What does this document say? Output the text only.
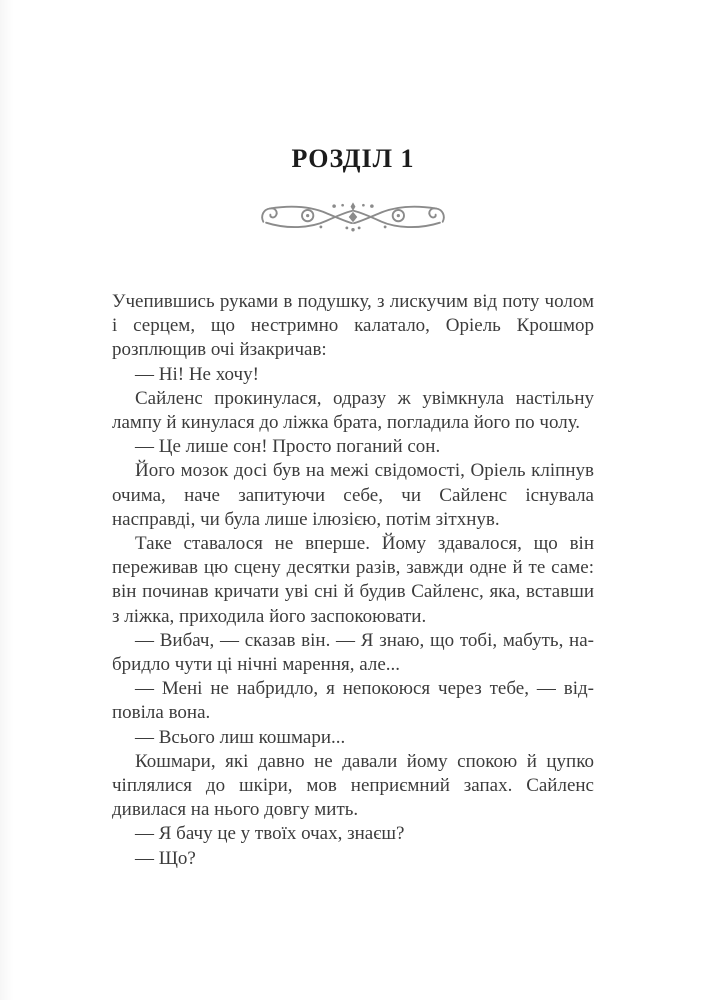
РОЗДІЛ 1

Учепившись руками в подушку, з лискучим від поту чолом і серцем, що нестримно калатало, Оріель Крошмор розплющив очі йзакричав:

— Ні! Не хочу!

Сайленс прокинулася, одразу ж увімкнула настільну лампу й кинулася до ліжка брата, погладила його по чолу.

— Це лише сон! Просто поганий сон.

Його мозок досі був на межі свідомості, Оріель кліпнув очима, наче запитуючи себе, чи Сайленс існувала насправді, чи була лише ілюзією, потім зітхнув.

Таке ставалося не вперше. Йому здавалося, що він переживав цю сцену десятки разів, завжди одне й те саме: він починав кричати уві сні й будив Сайленс, яка, вставши з ліжка, приходила його заспокоювати.

— Вибач, — сказав він. — Я знаю, що тобі, мабуть, набридло чути ці нічні марення, але...

— Мені не набридло, я непокоюся через тебе, — відповіла вона.

— Всього лиш кошмари...

Кошмари, які давно не давали йому спокою й цупко чіплялися до шкіри, мов неприємний запах. Сайленс дивилася на нього довгу мить.

— Я бачу це у твоїх очах, знаєш?

— Що?
